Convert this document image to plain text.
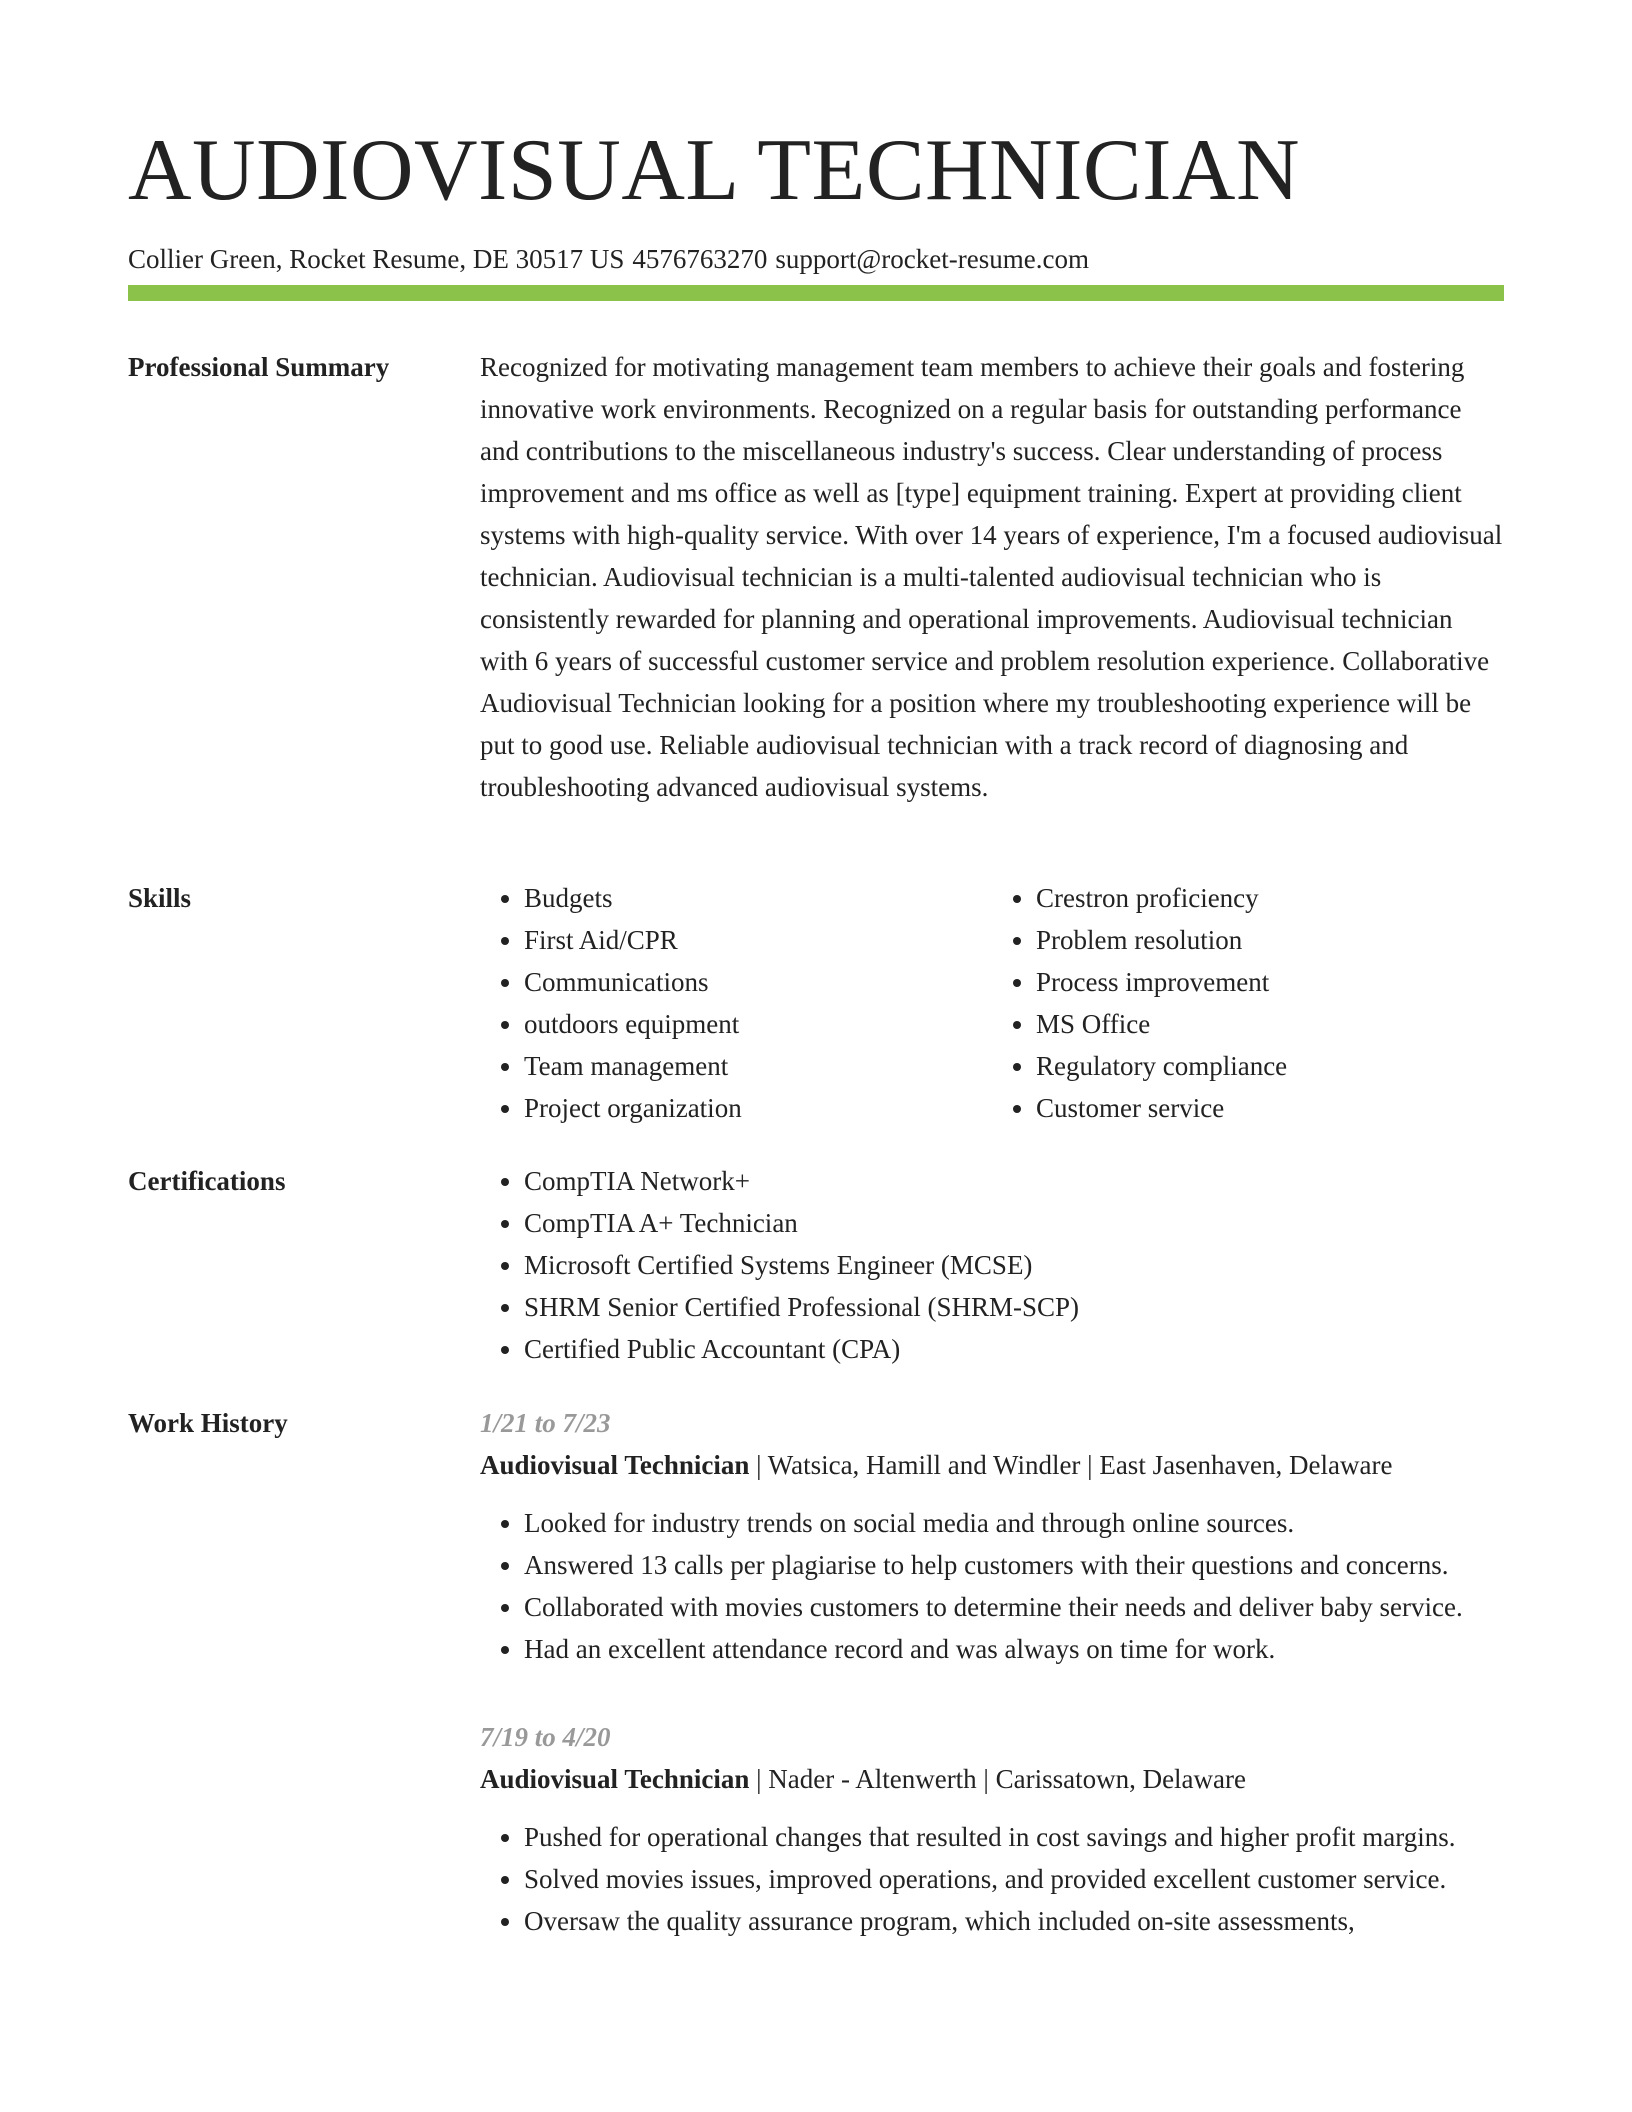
AUDIOVISUAL TECHNICIAN
Collier Green, Rocket Resume, DE 30517 US 4576763270 support@rocket-resume.com
Professional Summary	Recognized for motivating management team members to achieve their goals and fostering innovative work environments. Recognized on a regular basis for outstanding performance and contributions to the miscellaneous industry's success. Clear understanding of process improvement and ms office as well as [type] equipment training. Expert at providing client systems with high-quality service. With over 14 years of experience, I'm a focused audiovisual technician. Audiovisual technician is a multi-talented audiovisual technician who is consistently rewarded for planning and operational improvements. Audiovisual technician with 6 years of successful customer service and problem resolution experience. Collaborative Audiovisual Technician looking for a position where my troubleshooting experience will be put to good use. Reliable audiovisual technician with a track record of diagnosing and troubleshooting advanced audiovisual systems.

Skills	• Budgets
• First Aid/CPR
• Communications
• outdoors equipment
• Team management
• Project organization
• Crestron proficiency
• Problem resolution
• Process improvement
• MS Office
• Regulatory compliance
• Customer service
Certifications	• CompTIA Network+
• CompTIA A+ Technician
• Microsoft Certified Systems Engineer (MCSE)
• SHRM Senior Certified Professional (SHRM-SCP)
• Certified Public Accountant (CPA)
Work History	1/21 to 7/23
Audiovisual Technician | Watsica, Hamill and Windler | East Jasenhaven, Delaware
• Looked for industry trends on social media and through online sources.
• Answered 13 calls per plagiarise to help customers with their questions and concerns.
• Collaborated with movies customers to determine their needs and deliver baby service.
• Had an excellent attendance record and was always on time for work.
7/19 to 4/20
Audiovisual Technician | Nader - Altenwerth | Carissatown, Delaware
• Pushed for operational changes that resulted in cost savings and higher profit margins.
• Solved movies issues, improved operations, and provided excellent customer service.
• Oversaw the quality assurance program, which included on-site assessments,
